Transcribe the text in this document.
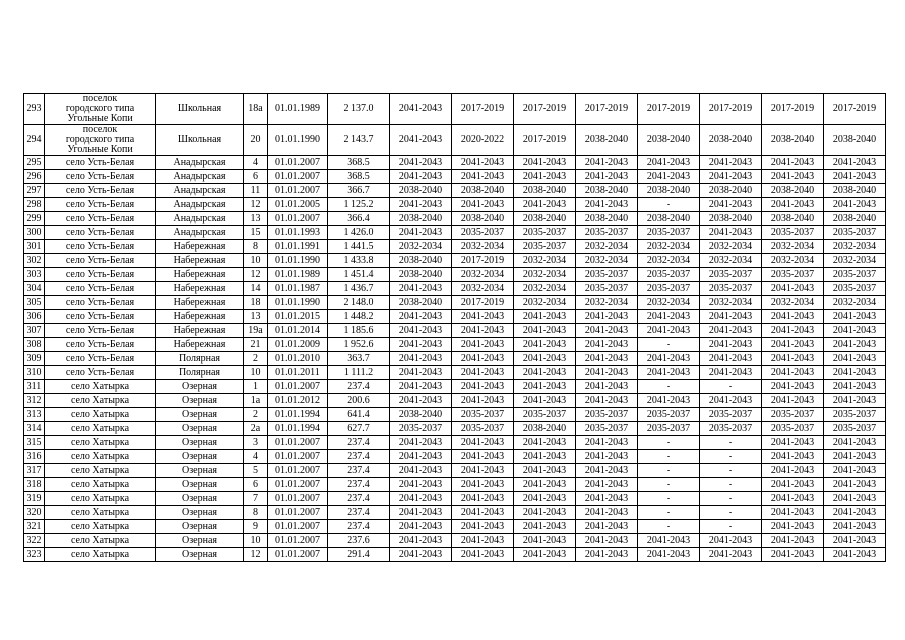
293	поселок
городского типа
Угольные Копи	Школьная	18а	01.01.1989	2 137.0	2041-2043	2017-2019	2017-2019	2017-2019	2017-2019	2017-2019	2017-2019	2017-2019
294	поселок
городского типа
Угольные Копи	Школьная	20	01.01.1990	2 143.7	2041-2043	2020-2022	2017-2019	2038-2040	2038-2040	2038-2040	2038-2040	2038-2040
295	село Усть-Белая	Анадырская	4	01.01.2007	368.5	2041-2043	2041-2043	2041-2043	2041-2043	2041-2043	2041-2043	2041-2043	2041-2043
296	село Усть-Белая	Анадырская	6	01.01.2007	368.5	2041-2043	2041-2043	2041-2043	2041-2043	2041-2043	2041-2043	2041-2043	2041-2043
297	село Усть-Белая	Анадырская	11	01.01.2007	366.7	2038-2040	2038-2040	2038-2040	2038-2040	2038-2040	2038-2040	2038-2040	2038-2040
298	село Усть-Белая	Анадырская	12	01.01.2005	1 125.2	2041-2043	2041-2043	2041-2043	2041-2043	-	2041-2043	2041-2043	2041-2043
299	село Усть-Белая	Анадырская	13	01.01.2007	366.4	2038-2040	2038-2040	2038-2040	2038-2040	2038-2040	2038-2040	2038-2040	2038-2040
300	село Усть-Белая	Анадырская	15	01.01.1993	1 426.0	2041-2043	2035-2037	2035-2037	2035-2037	2035-2037	2041-2043	2035-2037	2035-2037
301	село Усть-Белая	Набережная	8	01.01.1991	1 441.5	2032-2034	2032-2034	2035-2037	2032-2034	2032-2034	2032-2034	2032-2034	2032-2034
302	село Усть-Белая	Набережная	10	01.01.1990	1 433.8	2038-2040	2017-2019	2032-2034	2032-2034	2032-2034	2032-2034	2032-2034	2032-2034
303	село Усть-Белая	Набережная	12	01.01.1989	1 451.4	2038-2040	2032-2034	2032-2034	2035-2037	2035-2037	2035-2037	2035-2037	2035-2037
304	село Усть-Белая	Набережная	14	01.01.1987	1 436.7	2041-2043	2032-2034	2032-2034	2035-2037	2035-2037	2035-2037	2041-2043	2035-2037
305	село Усть-Белая	Набережная	18	01.01.1990	2 148.0	2038-2040	2017-2019	2032-2034	2032-2034	2032-2034	2032-2034	2032-2034	2032-2034
306	село Усть-Белая	Набережная	13	01.01.2015	1 448.2	2041-2043	2041-2043	2041-2043	2041-2043	2041-2043	2041-2043	2041-2043	2041-2043
307	село Усть-Белая	Набережная	19а	01.01.2014	1 185.6	2041-2043	2041-2043	2041-2043	2041-2043	2041-2043	2041-2043	2041-2043	2041-2043
308	село Усть-Белая	Набережная	21	01.01.2009	1 952.6	2041-2043	2041-2043	2041-2043	2041-2043	-	2041-2043	2041-2043	2041-2043
309	село Усть-Белая	Полярная	2	01.01.2010	363.7	2041-2043	2041-2043	2041-2043	2041-2043	2041-2043	2041-2043	2041-2043	2041-2043
310	село Усть-Белая	Полярная	10	01.01.2011	1 111.2	2041-2043	2041-2043	2041-2043	2041-2043	2041-2043	2041-2043	2041-2043	2041-2043
311	село Хатырка	Озерная	1	01.01.2007	237.4	2041-2043	2041-2043	2041-2043	2041-2043	-	-	2041-2043	2041-2043
312	село Хатырка	Озерная	1а	01.01.2012	200.6	2041-2043	2041-2043	2041-2043	2041-2043	2041-2043	2041-2043	2041-2043	2041-2043
313	село Хатырка	Озерная	2	01.01.1994	641.4	2038-2040	2035-2037	2035-2037	2035-2037	2035-2037	2035-2037	2035-2037	2035-2037
314	село Хатырка	Озерная	2а	01.01.1994	627.7	2035-2037	2035-2037	2038-2040	2035-2037	2035-2037	2035-2037	2035-2037	2035-2037
315	село Хатырка	Озерная	3	01.01.2007	237.4	2041-2043	2041-2043	2041-2043	2041-2043	-	-	2041-2043	2041-2043
316	село Хатырка	Озерная	4	01.01.2007	237.4	2041-2043	2041-2043	2041-2043	2041-2043	-	-	2041-2043	2041-2043
317	село Хатырка	Озерная	5	01.01.2007	237.4	2041-2043	2041-2043	2041-2043	2041-2043	-	-	2041-2043	2041-2043
318	село Хатырка	Озерная	6	01.01.2007	237.4	2041-2043	2041-2043	2041-2043	2041-2043	-	-	2041-2043	2041-2043
319	село Хатырка	Озерная	7	01.01.2007	237.4	2041-2043	2041-2043	2041-2043	2041-2043	-	-	2041-2043	2041-2043
320	село Хатырка	Озерная	8	01.01.2007	237.4	2041-2043	2041-2043	2041-2043	2041-2043	-	-	2041-2043	2041-2043
321	село Хатырка	Озерная	9	01.01.2007	237.4	2041-2043	2041-2043	2041-2043	2041-2043	-	-	2041-2043	2041-2043
322	село Хатырка	Озерная	10	01.01.2007	237.6	2041-2043	2041-2043	2041-2043	2041-2043	2041-2043	2041-2043	2041-2043	2041-2043
323	село Хатырка	Озерная	12	01.01.2007	291.4	2041-2043	2041-2043	2041-2043	2041-2043	2041-2043	2041-2043	2041-2043	2041-2043
